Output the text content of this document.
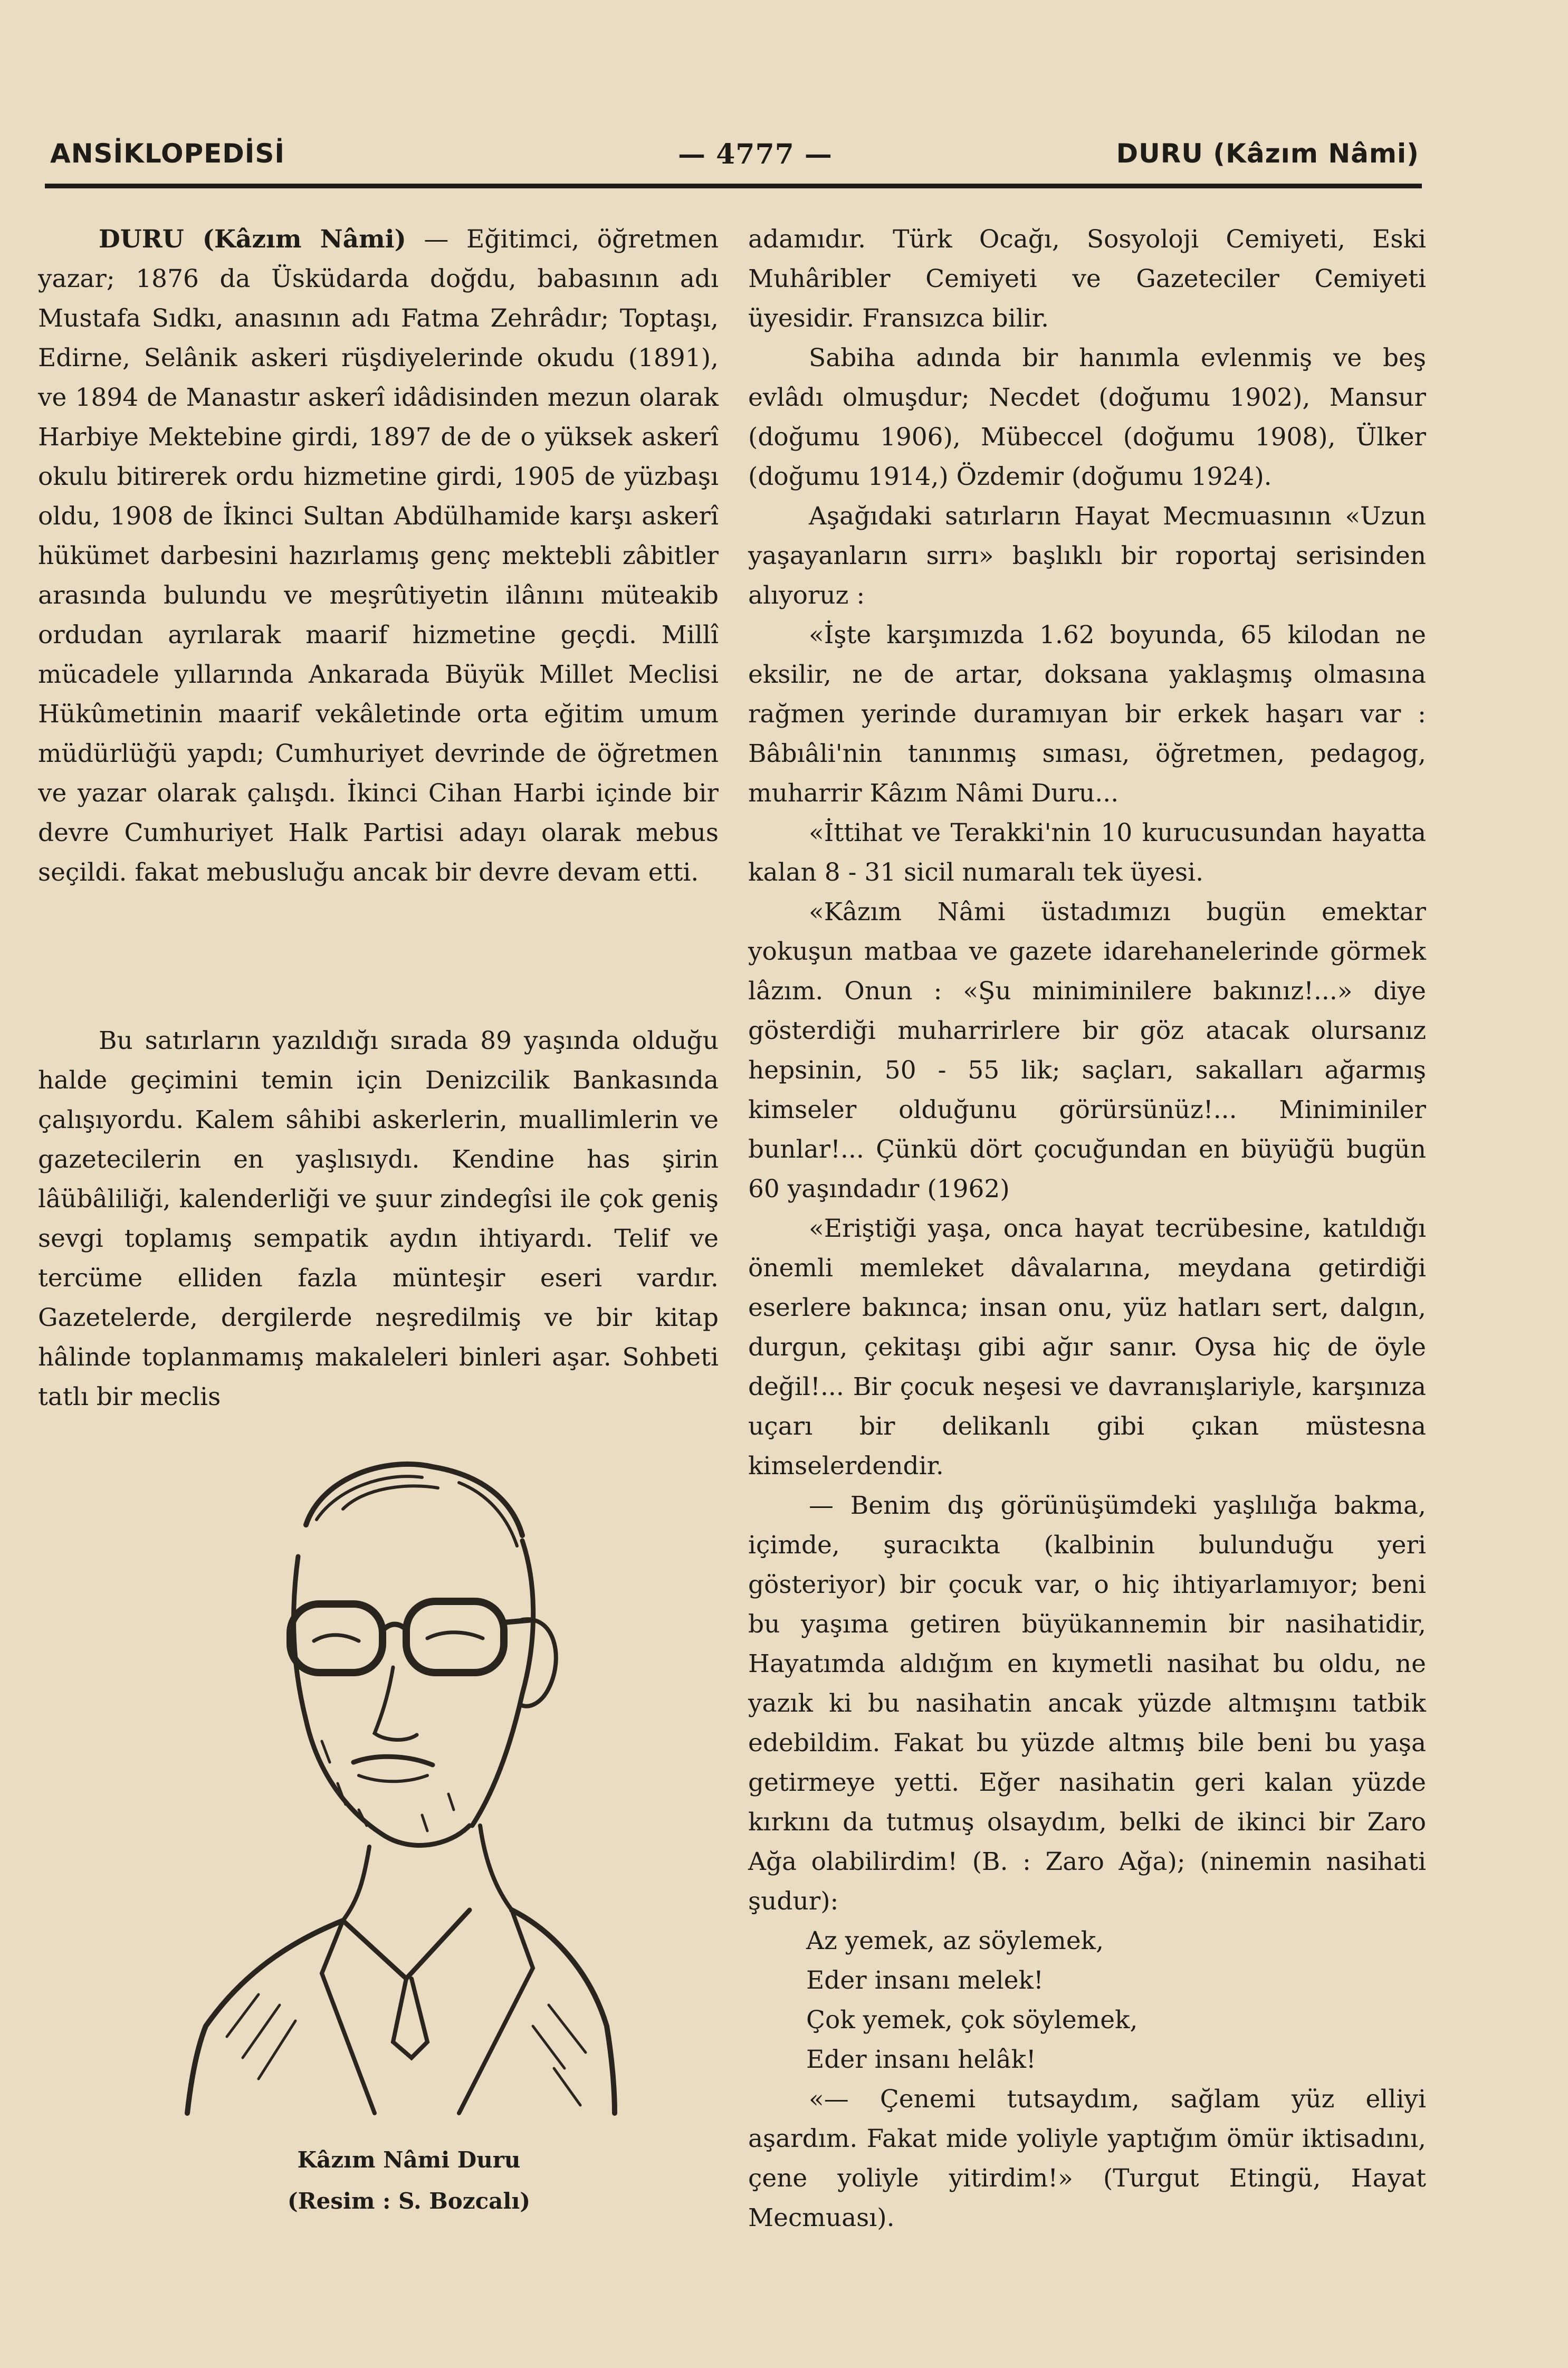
ANSİKLOPEDİSİ	— 4777 —	DURU (Kâzım Nâmi)

DURU (Kâzım Nâmi) — Eğitimci, öğretmen yazar; 1876 da Üsküdarda doğdu, babasının adı Mustafa Sıdkı, anasının adı Fatma Zehrâdır; Toptaşı, Edirne, Selânik askeri rüşdiyelerinde okudu (1891), ve 1894 de Manastır askerî idâdisinden mezun olarak Harbiye Mektebine girdi, 1897 de de o yüksek askerî okulu bitirerek ordu hizmetine girdi, 1905 de yüzbaşı oldu, 1908 de İkinci Sultan Abdülhamide karşı askerî hükümet darbesini hazırlamış genç mektebli zâbitler arasında bulundu ve meşrûtiyetin ilânını müteakib ordudan ayrılarak maarif hizmetine geçdi. Millî mücadele yıllarında Ankarada Büyük Millet Meclisi Hükûmetinin maarif vekâletinde orta eğitim umum müdürlüğü yapdı; Cumhuriyet devrinde de öğretmen ve yazar olarak çalışdı. İkinci Cihan Harbi içinde bir devre Cumhuriyet Halk Partisi adayı olarak mebus seçildi. fakat mebusluğu ancak bir devre devam etti.

Bu satırların yazıldığı sırada 89 yaşında olduğu halde geçimini temin için Denizcilik Bankasında çalışıyordu. Kalem sâhibi askerlerin, muallimlerin ve gazetecilerin en yaşlısıydı. Kendine has şirin lâübâliliği, kalenderliği ve şuur zindegîsi ile çok geniş sevgi toplamış sempatik aydın ihtiyardı. Telif ve tercüme elliden fazla münteşir eseri vardır. Gazetelerde, dergilerde neşredilmiş ve bir kitap hâlinde toplanmamış makaleleri binleri aşar. Sohbeti tatlı bir meclis

Kâzım Nâmi Duru
(Resim : S. Bozcalı)

adamıdır. Türk Ocağı, Sosyoloji Cemiyeti, Eski Muhâribler Cemiyeti ve Gazeteciler Cemiyeti üyesidir. Fransızca bilir.

Sabiha adında bir hanımla evlenmiş ve beş evlâdı olmuşdur; Necdet (doğumu 1902), Mansur (doğumu 1906), Mübeccel (doğumu 1908), Ülker (doğumu 1914,) Özdemir (doğumu 1924).

Aşağıdaki satırların Hayat Mecmuasının «Uzun yaşayanların sırrı» başlıklı bir roportaj serisinden alıyoruz :

«İşte karşımızda 1.62 boyunda, 65 kilodan ne eksilir, ne de artar, doksana yaklaşmış olmasına rağmen yerinde duramıyan bir erkek haşarı var : Bâbıâli'nin tanınmış sıması, öğretmen, pedagog, muharrir Kâzım Nâmi Duru...

«İttihat ve Terakki'nin 10 kurucusundan hayatta kalan 8 - 31 sicil numaralı tek üyesi.

«Kâzım Nâmi üstadımızı bugün emektar yokuşun matbaa ve gazete idarehanelerinde görmek lâzım. Onun : «Şu miniminilere bakınız!...» diye gösterdiği muharrirlere bir göz atacak olursanız hepsinin, 50 - 55 lik; saçları, sakalları ağarmış kimseler olduğunu görürsünüz!... Miniminiler bunlar!... Çünkü dört çocuğundan en büyüğü bugün 60 yaşındadır (1962)

«Eriştiği yaşa, onca hayat tecrübesine, katıldığı önemli memleket dâvalarına, meydana getirdiği eserlere bakınca; insan onu, yüz hatları sert, dalgın, durgun, çekitaşı gibi ağır sanır. Oysa hiç de öyle değil!... Bir çocuk neşesi ve davranışlariyle, karşınıza uçarı bir delikanlı gibi çıkan müstesna kimselerdendir.

— Benim dış görünüşümdeki yaşlılığa bakma, içimde, şuracıkta (kalbinin bulunduğu yeri gösteriyor) bir çocuk var, o hiç ihtiyarlamıyor; beni bu yaşıma getiren büyükannemin bir nasihatidir, Hayatımda aldığım en kıymetli nasihat bu oldu, ne yazık ki bu nasihatin ancak yüzde altmışını tatbik edebildim. Fakat bu yüzde altmış bile beni bu yaşa getirmeye yetti. Eğer nasihatin geri kalan yüzde kırkını da tutmuş olsaydım, belki de ikinci bir Zaro Ağa olabilirdim! (B. : Zaro Ağa); (ninemin nasihati şudur):

Az yemek, az söylemek,
Eder insanı melek!
Çok yemek, çok söylemek,
Eder insanı helâk!

«— Çenemi tutsaydım, sağlam yüz elliyi aşardım. Fakat mide yoliyle yaptığım ömür iktisadını, çene yoliyle yitirdim!» (Turgut Etingü, Hayat Mecmuası).
